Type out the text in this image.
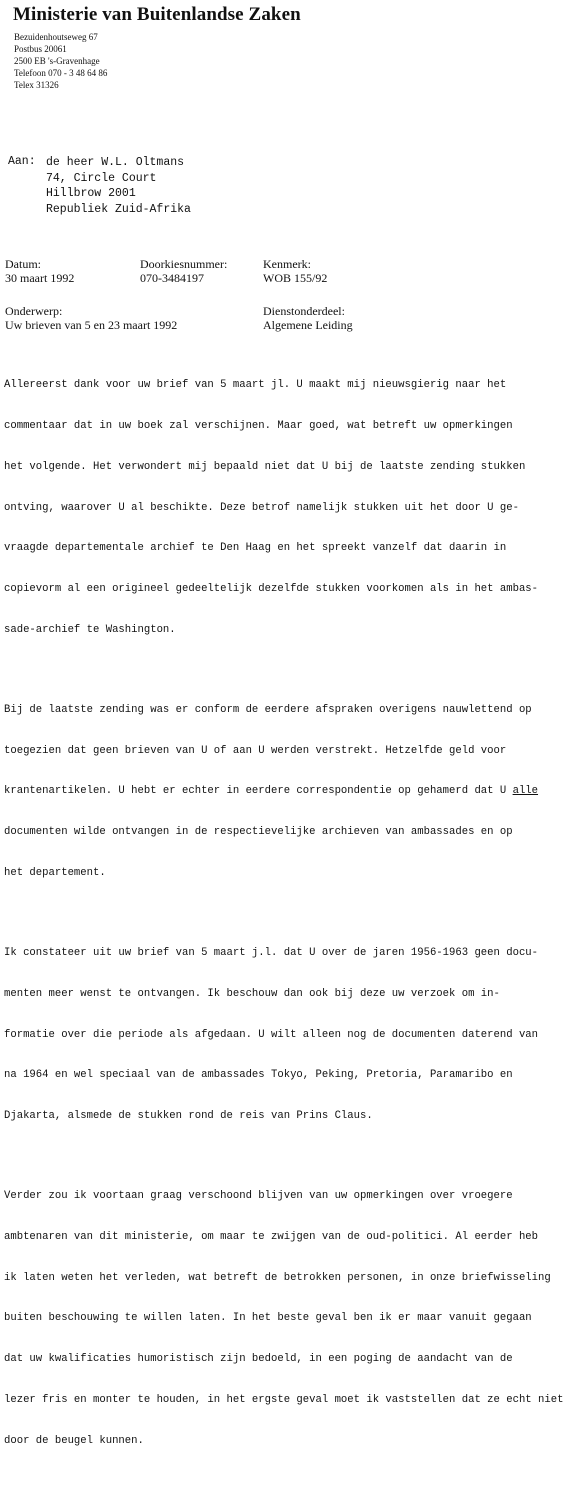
Ministerie van Buitenlandse Zaken
Bezuidenhoutseweg 67
Postbus 20061
2500 EB 's-Gravenhage
Telefoon 070 - 3 48 64 86
Telex 31326
Aan: de heer W.L. Oltmans
74, Circle Court
Hillbrow 2001
Republiek Zuid-Afrika
Datum:
30 maart 1992
Doorkiesnummer:
070-3484197
Kenmerk:
WOB 155/92
Onderwerp:
Uw brieven van 5 en 23 maart 1992
Dienstonderdeel:
Algemene Leiding

Allereerst dank voor uw brief van 5 maart jl. U maakt mij nieuwsgierig naar het

commentaar dat in uw boek zal verschijnen. Maar goed, wat betreft uw opmerkingen

het volgende. Het verwondert mij bepaald niet dat U bij de laatste zending stukken

ontving, waarover U al beschikte. Deze betrof namelijk stukken uit het door U ge-

vraagde departementale archief te Den Haag en het spreekt vanzelf dat daarin in

copievorm al een origineel gedeeltelijk dezelfde stukken voorkomen als in het ambas-

sade-archief te Washington.

Bij de laatste zending was er conform de eerdere afspraken overigens nauwlettend op

toegezien dat geen brieven van U of aan U werden verstrekt. Hetzelfde geld voor

krantenartikelen. U hebt er echter in eerdere correspondentie op gehamerd dat U alle

documenten wilde ontvangen in de respectievelijke archieven van ambassades en op

het departement.

Ik constateer uit uw brief van 5 maart j.l. dat U over de jaren 1956-1963 geen docu-

menten meer wenst te ontvangen. Ik beschouw dan ook bij deze uw verzoek om in-

formatie over die periode als afgedaan. U wilt alleen nog de documenten daterend van

na 1964 en wel speciaal van de ambassades Tokyo, Peking, Pretoria, Paramaribo en

Djakarta, alsmede de stukken rond de reis van Prins Claus.

Verder zou ik voortaan graag verschoond blijven van uw opmerkingen over vroegere

ambtenaren van dit ministerie, om maar te zwijgen van de oud-politici. Al eerder heb

ik laten weten het verleden, wat betreft de betrokken personen, in onze briefwisseling

buiten beschouwing te willen laten. In het beste geval ben ik er maar vanuit gegaan

dat uw kwalificaties humoristisch zijn bedoeld, in een poging de aandacht van de

lezer fris en monter te houden, in het ergste geval moet ik vaststellen dat ze echt niet

door de beugel kunnen.
